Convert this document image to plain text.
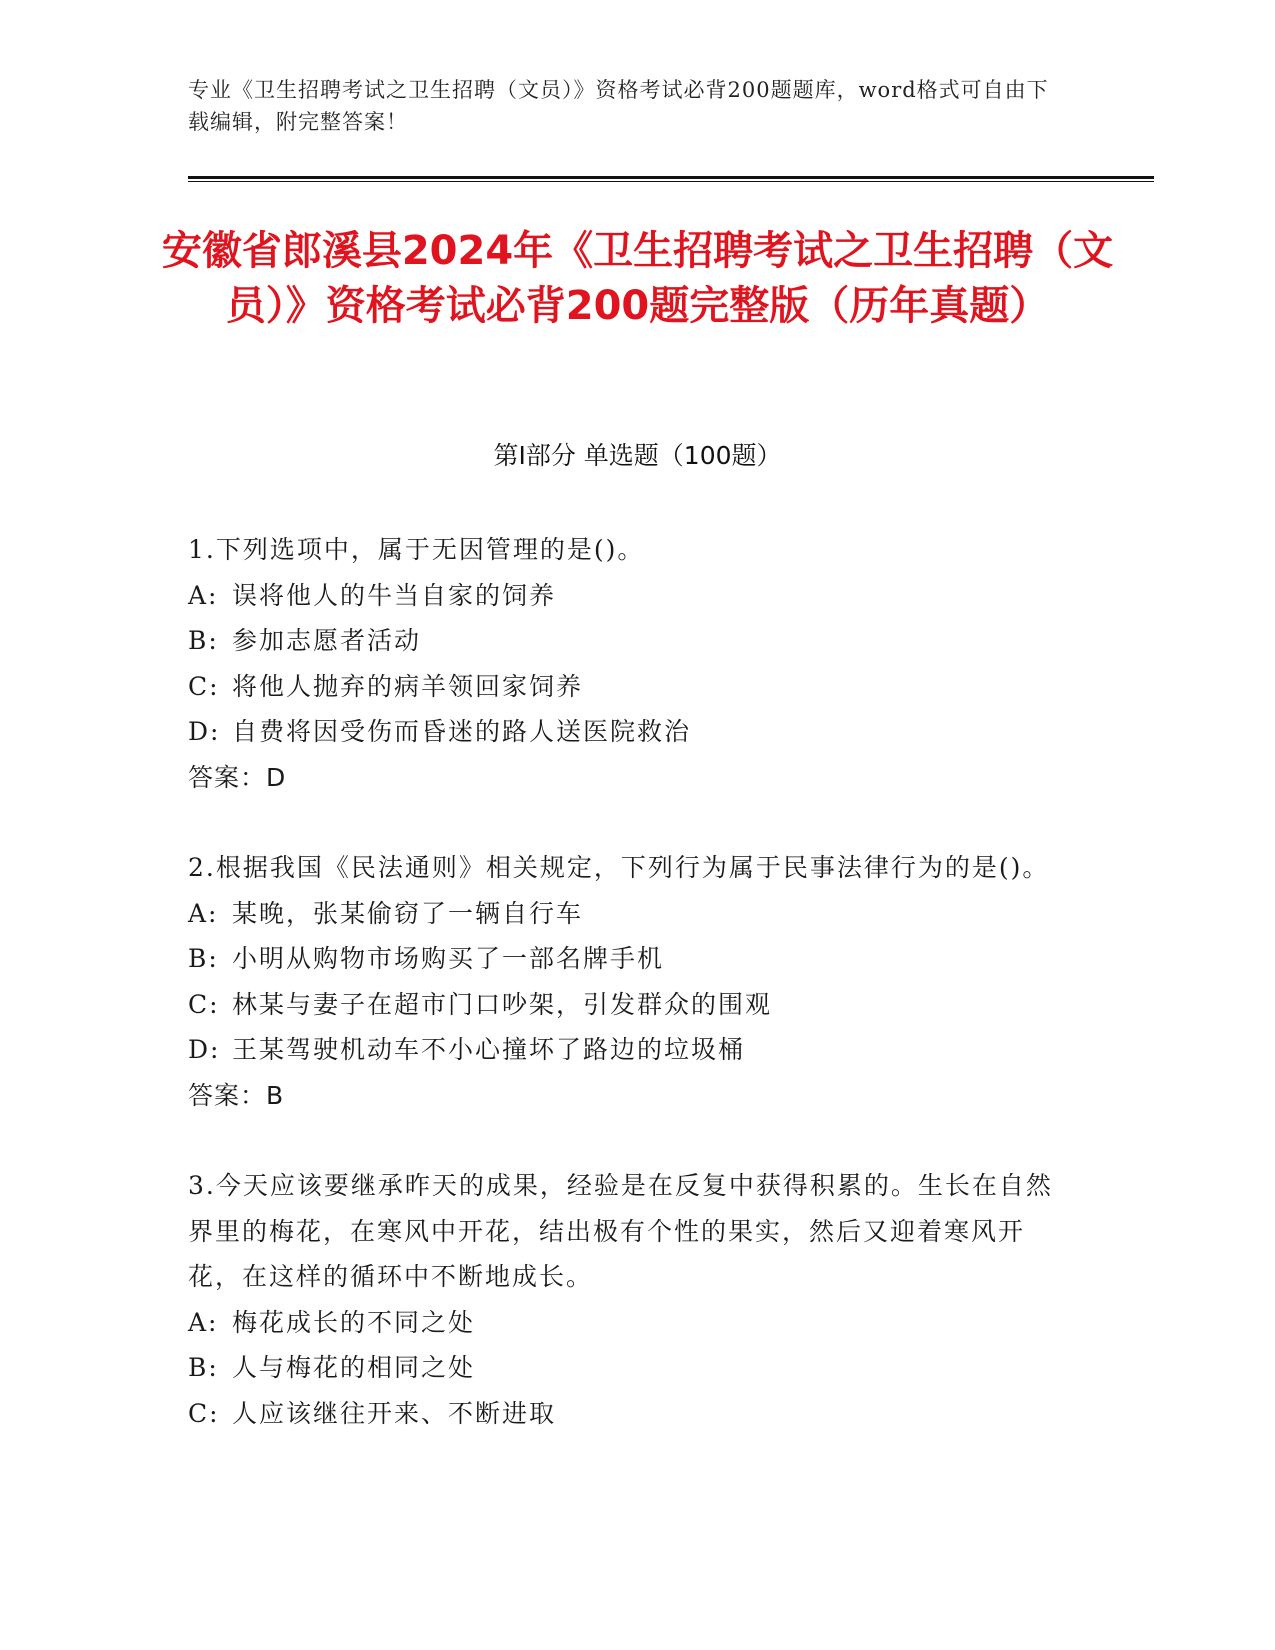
专业《卫生招聘考试之卫生招聘（文员）》资格考试必背200题题库，word格式可自由下载编辑，附完整答案！
安徽省郎溪县2024年《卫生招聘考试之卫生招聘（文员）》资格考试必背200题完整版（历年真题）
第Ⅰ部分 单选题（100题）
1.下列选项中，属于无因管理的是()。
A: 误将他人的牛当自家的饲养
B: 参加志愿者活动
C: 将他人抛弃的病羊领回家饲养
D: 自费将因受伤而昏迷的路人送医院救治
答案：D
2.根据我国《民法通则》相关规定，下列行为属于民事法律行为的是()。
A: 某晚，张某偷窃了一辆自行车
B: 小明从购物市场购买了一部名牌手机
C: 林某与妻子在超市门口吵架，引发群众的围观
D: 王某驾驶机动车不小心撞坏了路边的垃圾桶
答案：B
3.今天应该要继承昨天的成果，经验是在反复中获得积累的。生长在自然界里的梅花，在寒风中开花，结出极有个性的果实，然后又迎着寒风开花，在这样的循环中不断地成长。
A: 梅花成长的不同之处
B: 人与梅花的相同之处
C: 人应该继往开来、不断进取
